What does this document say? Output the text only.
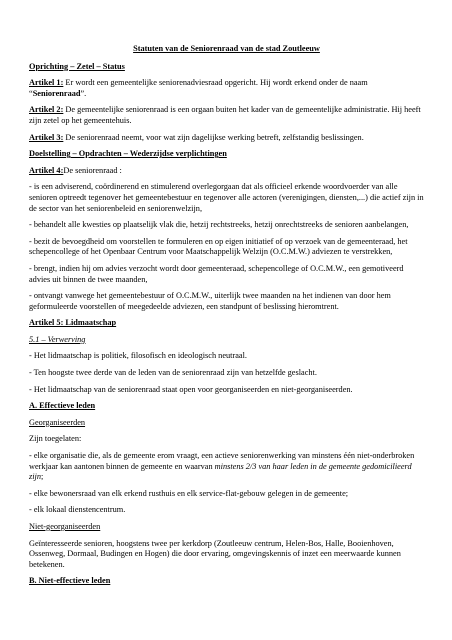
Statuten van de Seniorenraad van de stad Zoutleeuw

Oprichting – Zetel – Status

Artikel 1: Er wordt een gemeentelijke seniorenadviesraad opgericht. Hij wordt erkend onder de naam “Seniorenraad”.

Artikel 2: De gemeentelijke seniorenraad is een orgaan buiten het kader van de gemeentelijke administratie. Hij heeft zijn zetel op het gemeentehuis.

Artikel 3: De seniorenraad neemt, voor wat zijn dagelijkse werking betreft, zelfstandig beslissingen.

Doelstelling – Opdrachten – Wederzijdse verplichtingen

Artikel 4:De seniorenraad :

- is een adviserend, coördinerend en stimulerend overlegorgaan dat als officieel erkende woordvoerder van alle senioren optreedt tegenover het gemeentebestuur en tegenover alle actoren (verenigingen, diensten,...) die actief zijn in de sector van het seniorenbeleid en seniorenwelzijn,

- behandelt alle kwesties op plaatselijk vlak die, hetzij rechtstreeks, hetzij onrechtstreeks de senioren aanbelangen,

- bezit de bevoegdheid om voorstellen te formuleren en op eigen initiatief of op verzoek van de gemeenteraad, het schepencollege of het Openbaar Centrum voor Maatschappelijk Welzijn (O.C.M.W.) adviezen te verstrekken,

- brengt, indien hij om advies verzocht wordt door gemeenteraad, schepencollege of O.C.M.W., een gemotiveerd advies uit binnen de twee maanden,

- ontvangt vanwege het gemeentebestuur of O.C.M.W., uiterlijk twee maanden na het indienen van door hem geformuleerde voorstellen of meegedeelde adviezen, een standpunt of beslissing hieromtrent.

Artikel 5: Lidmaatschap

5.1 – Verwerving

- Het lidmaatschap is politiek, filosofisch en ideologisch neutraal.

- Ten hoogste twee derde van de leden van de seniorenraad zijn van hetzelfde geslacht.

- Het lidmaatschap van de seniorenraad staat open voor georganiseerden en niet-georganiseerden.

A. Effectieve leden

Georganiseerden

Zijn toegelaten:

- elke organisatie die, als de gemeente erom vraagt, een actieve seniorenwerking van minstens één niet-onderbroken werkjaar kan aantonen binnen de gemeente en waarvan minstens 2/3 van haar leden in de gemeente gedomicilieerd zijn;

- elke bewonersraad van elk erkend rusthuis en elk service-flat-gebouw gelegen in de gemeente;

- elk lokaal dienstencentrum.

Niet-georganiseerden

Geïnteresseerde senioren, hoogstens twee per kerkdorp (Zoutleeuw centrum, Helen-Bos, Halle, Booienhoven, Ossenweg, Dormaal, Budingen en Hogen) die door ervaring, omgevingskennis of inzet een meerwaarde kunnen betekenen.

B. Niet-effectieve leden
